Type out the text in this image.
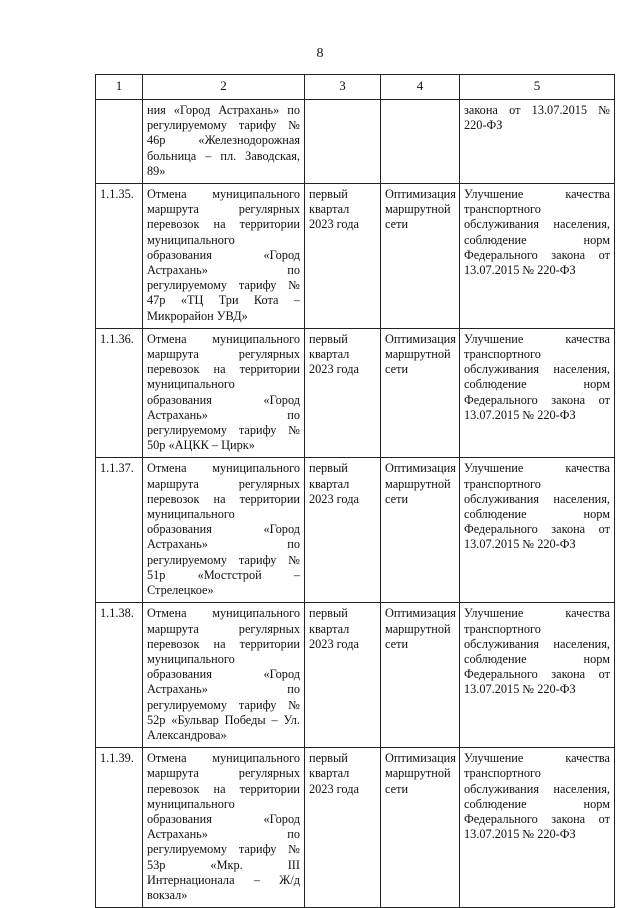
8
1	2	3	4	5
	ния «Город Астрахань» по регулируемому тарифу № 46р «Железнодорожная больница – пл. Заводская, 89»			закона от 13.07.2015 № 220-ФЗ
1.1.35.	Отмена муниципального маршрута регулярных перевозок на территории муниципального образования «Город Астрахань» по регулируемому тарифу № 47р «ТЦ Три Кота – Микрорайон УВД»	первый квартал 2023 года	Оптимизация маршрутной сети	Улучшение качества транспортного обслуживания населения, соблюдение норм Федерального закона от 13.07.2015 № 220-ФЗ
1.1.36.	Отмена муниципального маршрута регулярных перевозок на территории муниципального образования «Город Астрахань» по регулируемому тарифу № 50р «АЦКК – Цирк»	первый квартал 2023 года	Оптимизация маршрутной сети	Улучшение качества транспортного обслуживания населения, соблюдение норм Федерального закона от 13.07.2015 № 220-ФЗ
1.1.37.	Отмена муниципального маршрута регулярных перевозок на территории муниципального образования «Город Астрахань» по регулируемому тарифу № 51р «Мостстрой – Стрелецкое»	первый квартал 2023 года	Оптимизация маршрутной сети	Улучшение качества транспортного обслуживания населения, соблюдение норм Федерального закона от 13.07.2015 № 220-ФЗ
1.1.38.	Отмена муниципального маршрута регулярных перевозок на территории муниципального образования «Город Астрахань» по регулируемому тарифу № 52р «Бульвар Победы – Ул. Александрова»	первый квартал 2023 года	Оптимизация маршрутной сети	Улучшение качества транспортного обслуживания населения, соблюдение норм Федерального закона от 13.07.2015 № 220-ФЗ
1.1.39.	Отмена муниципального маршрута регулярных перевозок на территории муниципального образования «Город Астрахань» по регулируемому тарифу № 53р «Мкр. III Интернационала – Ж/д вокзал»	первый квартал 2023 года	Оптимизация маршрутной сети	Улучшение качества транспортного обслуживания населения, соблюдение норм Федерального закона от 13.07.2015 № 220-ФЗ
